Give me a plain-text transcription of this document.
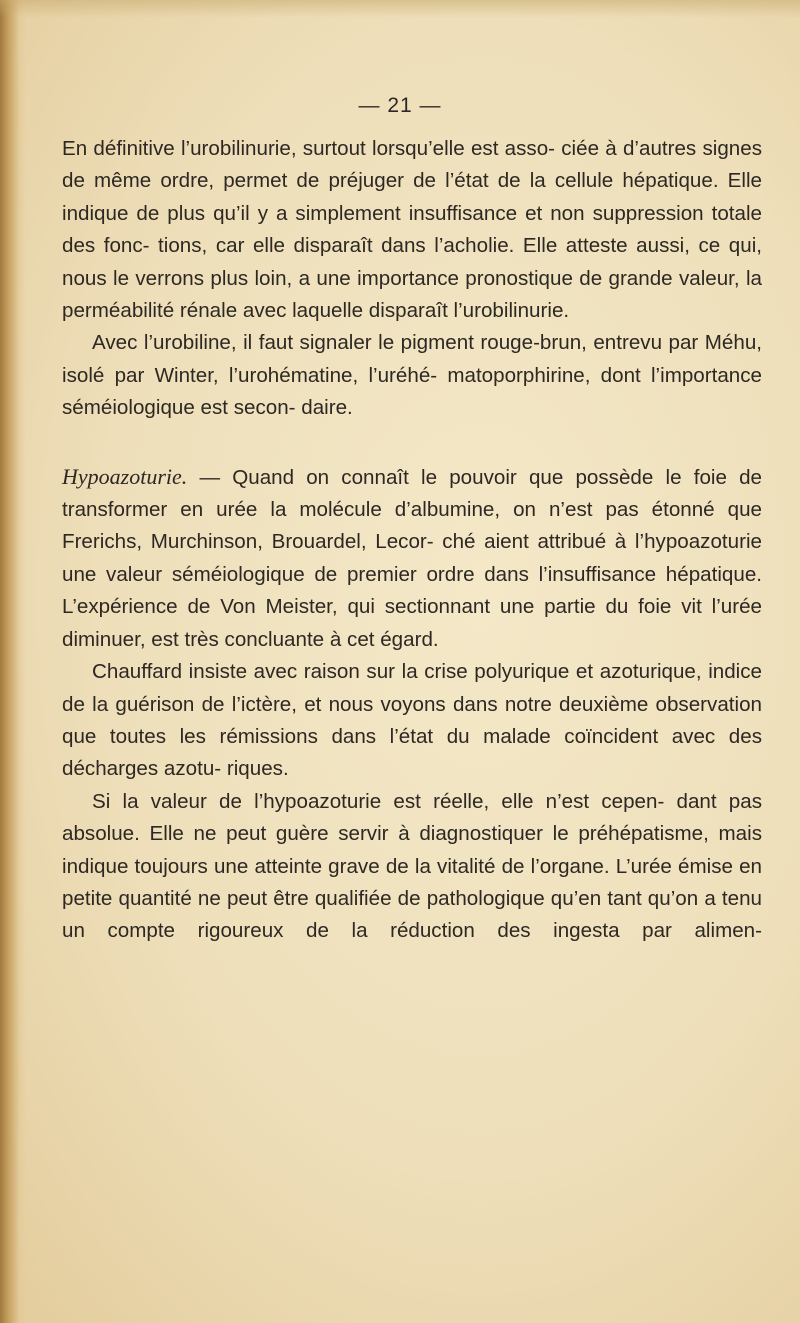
— 21 —

En définitive l’urobilinurie, surtout lorsqu’elle est asso- ciée à d’autres signes de même ordre, permet de préjuger de l’état de la cellule hépatique. Elle indique de plus qu’il y a simplement insuffisance et non suppression totale des fonc- tions, car elle disparaît dans l’acholie. Elle atteste aussi, ce qui, nous le verrons plus loin, a une importance pronostique de grande valeur, la perméabilité rénale avec laquelle disparaît l’urobilinurie.

Avec l’urobiline, il faut signaler le pigment rouge-brun, entrevu par Méhu, isolé par Winter, l’urohématine, l’uréhé- matoporphirine, dont l’importance séméiologique est secon- daire.

Hypoazoturie. — Quand on connaît le pouvoir que possède le foie de transformer en urée la molécule d’albumine, on n’est pas étonné que Frerichs, Murchinson, Brouardel, Lecor- ché aient attribué à l’hypoazoturie une valeur séméiologique de premier ordre dans l’insuffisance hépatique. L’expérience de Von Meister, qui sectionnant une partie du foie vit l’urée diminuer, est très concluante à cet égard.

Chauffard insiste avec raison sur la crise polyurique et azoturique, indice de la guérison de l’ictère, et nous voyons dans notre deuxième observation que toutes les rémissions dans l’état du malade coïncident avec des décharges azotu- riques.

Si la valeur de l’hypoazoturie est réelle, elle n’est cepen- dant pas absolue. Elle ne peut guère servir à diagnostiquer le préhépatisme, mais indique toujours une atteinte grave de la vitalité de l’organe. L’urée émise en petite quantité ne peut être qualifiée de pathologique qu’en tant qu’on a tenu un compte rigoureux de la réduction des ingesta par alimen-
